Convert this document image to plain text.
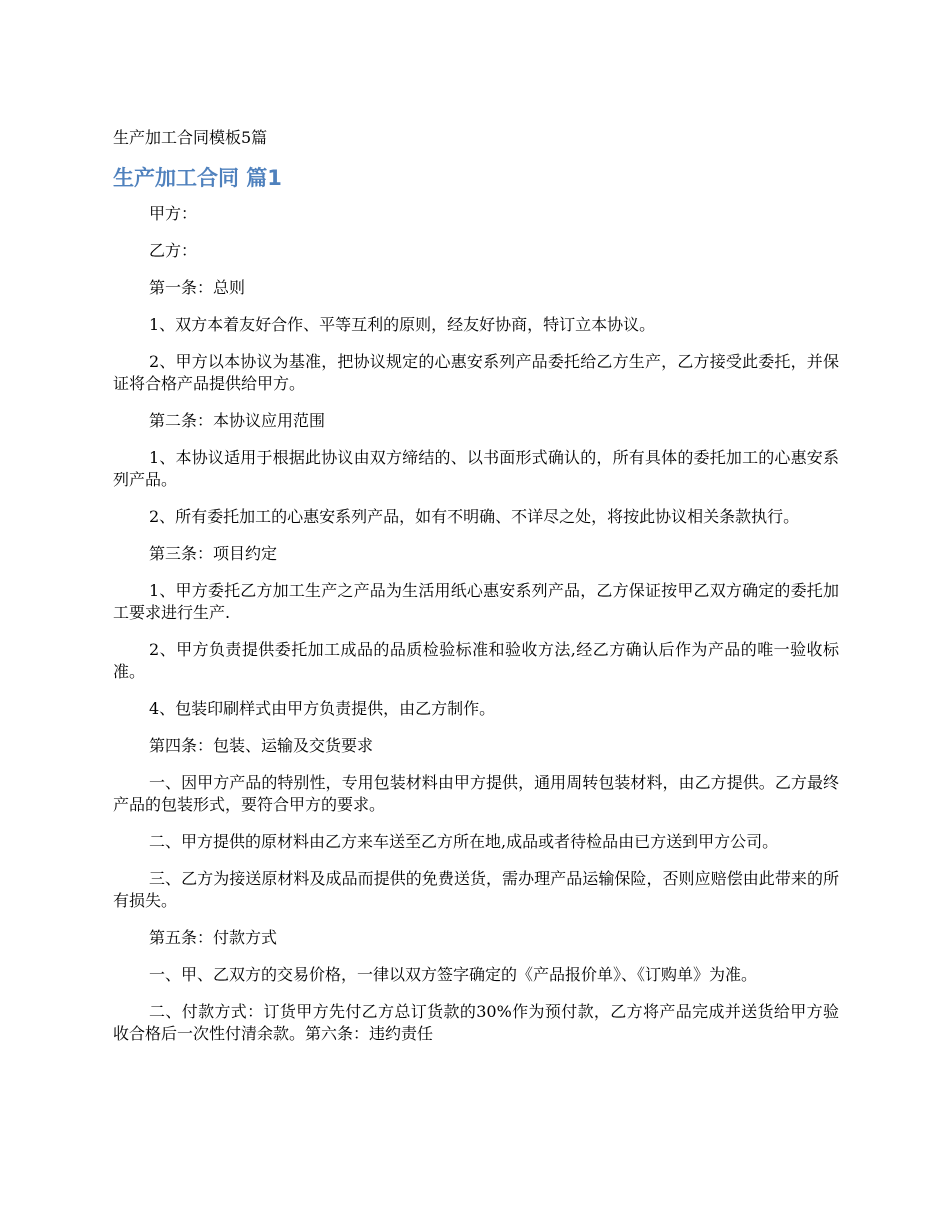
生产加工合同模板5篇
生产加工合同 篇1

甲方：

乙方：

第一条：总则

1、双方本着友好合作、平等互利的原则，经友好协商，特订立本协议。

2、甲方以本协议为基准，把协议规定的心惠安系列产品委托给乙方生产，乙方接受此委托，并保证将合格产品提供给甲方。

第二条：本协议应用范围

1、本协议适用于根据此协议由双方缔结的、以书面形式确认的，所有具体的委托加工的心惠安系列产品。

2、所有委托加工的心惠安系列产品，如有不明确、不详尽之处，将按此协议相关条款执行。

第三条：项目约定

1、甲方委托乙方加工生产之产品为生活用纸心惠安系列产品，乙方保证按甲乙双方确定的委托加工要求进行生产.

2、甲方负责提供委托加工成品的品质检验标准和验收方法,经乙方确认后作为产品的唯一验收标准。

4、包装印刷样式由甲方负责提供，由乙方制作。

第四条：包装、运输及交货要求

一、因甲方产品的特别性，专用包装材料由甲方提供，通用周转包装材料，由乙方提供。乙方最终产品的包装形式，要符合甲方的要求。

二、甲方提供的原材料由乙方来车送至乙方所在地,成品或者待检品由已方送到甲方公司。

三、乙方为接送原材料及成品而提供的免费送货，需办理产品运输保险，否则应赔偿由此带来的所有损失。

第五条：付款方式

一、甲、乙双方的交易价格，一律以双方签字确定的《产品报价单》、《订购单》为准。

二、付款方式：订货甲方先付乙方总订货款的30%作为预付款，乙方将产品完成并送货给甲方验收合格后一次性付清余款。第六条：违约责任
